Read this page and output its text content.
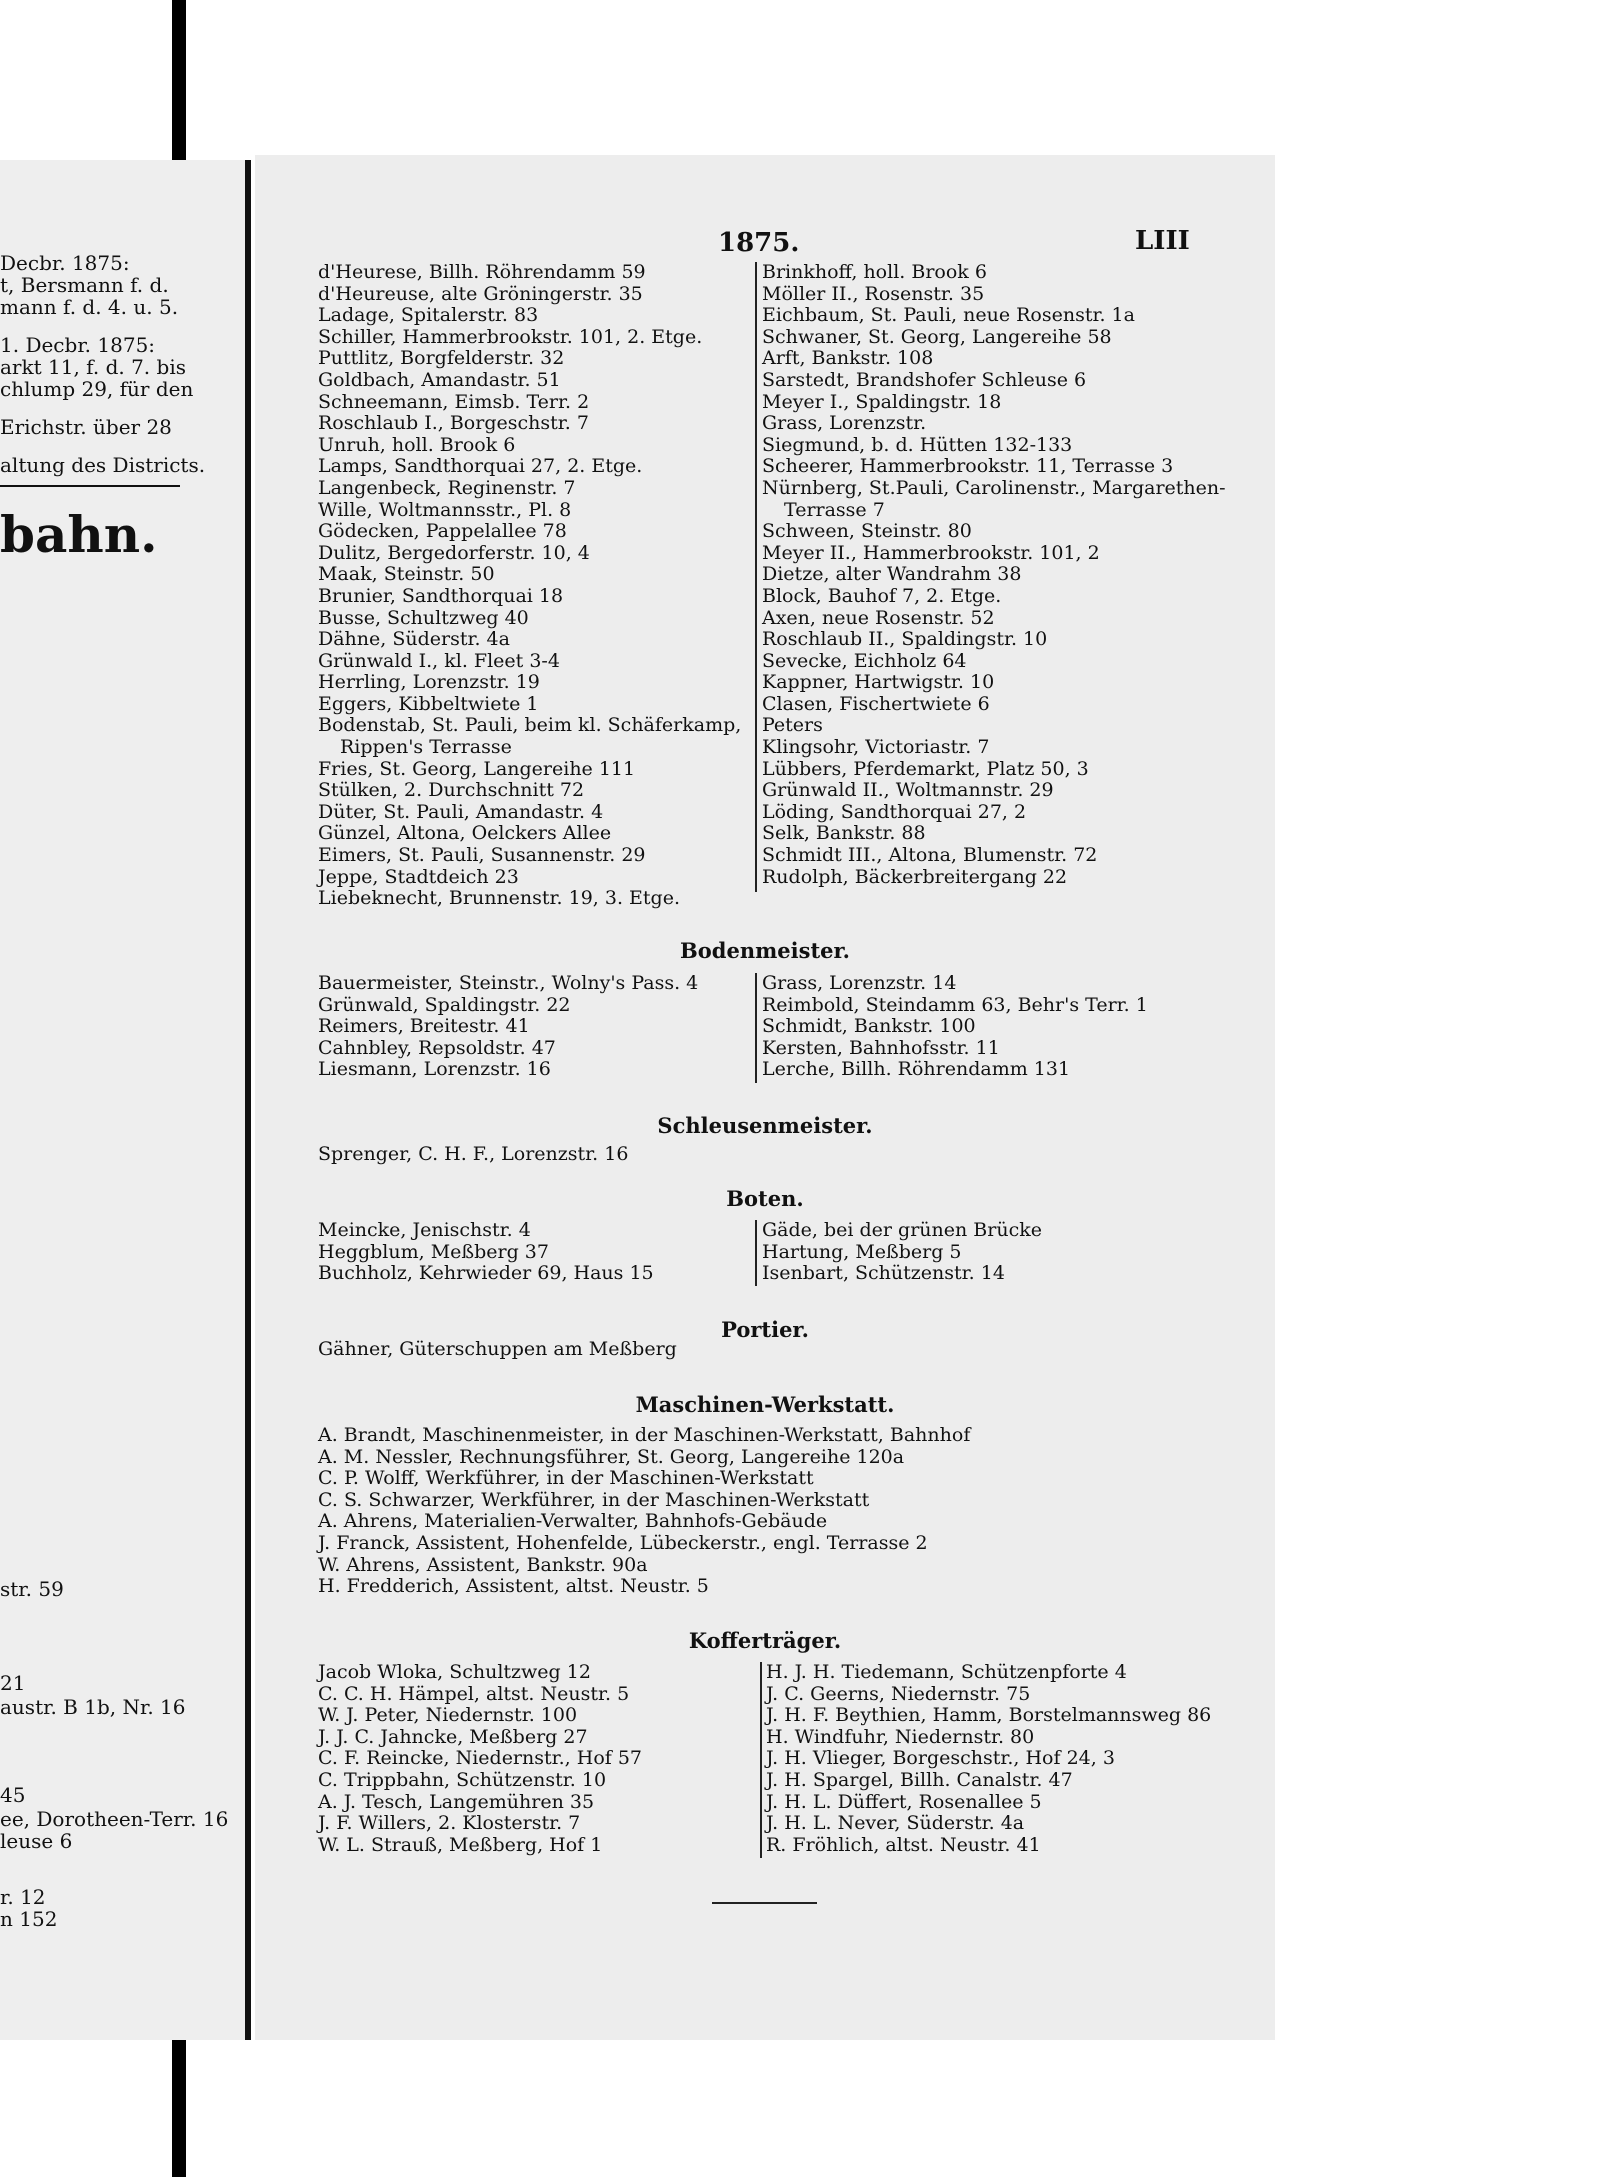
Decbr. 1875:
t, Bersmann f. d.
mann f. d. 4. u. 5.
1. Decbr. 1875:
arkt 11, f. d. 7. bis
chlump 29, für den
Erichstr. über 28
altung des Districts.
bahn.
str. 59
21
austr. B 1b, Nr. 16
45
ee, Dorotheen-Terr. 16
leuse 6
r. 12
n 152
1875.	LIII
d'Heurese, Billh. Röhrendamm 59
d'Heureuse, alte Gröningerstr. 35
Ladage, Spitalerstr. 83
Schiller, Hammerbrookstr. 101, 2. Etge.
Puttlitz, Borgfelderstr. 32
Goldbach, Amandastr. 51
Schneemann, Eimsb. Terr. 2
Roschlaub I., Borgeschstr. 7
Unruh, holl. Brook 6
Lamps, Sandthorquai 27, 2. Etge.
Langenbeck, Reginenstr. 7
Wille, Woltmannsstr., Pl. 8
Gödecken, Pappelallee 78
Dulitz, Bergedorferstr. 10, 4
Maak, Steinstr. 50
Brunier, Sandthorquai 18
Busse, Schultzweg 40
Dähne, Süderstr. 4a
Grünwald I., kl. Fleet 3-4
Herrling, Lorenzstr. 19
Eggers, Kibbeltwiete 1
Bodenstab, St. Pauli, beim kl. Schäferkamp,
Rippen's Terrasse
Fries, St. Georg, Langereihe 111
Stülken, 2. Durchschnitt 72
Düter, St. Pauli, Amandastr. 4
Günzel, Altona, Oelckers Allee
Eimers, St. Pauli, Susannenstr. 29
Jeppe, Stadtdeich 23
Liebeknecht, Brunnenstr. 19, 3. Etge.
Brinkhoff, holl. Brook 6
Möller II., Rosenstr. 35
Eichbaum, St. Pauli, neue Rosenstr. 1a
Schwaner, St. Georg, Langereihe 58
Arft, Bankstr. 108
Sarstedt, Brandshofer Schleuse 6
Meyer I., Spaldingstr. 18
Grass, Lorenzstr.
Siegmund, b. d. Hütten 132-133
Scheerer, Hammerbrookstr. 11, Terrasse 3
Nürnberg, St.Pauli, Carolinenstr., Margarethen-
Terrasse 7
Schween, Steinstr. 80
Meyer II., Hammerbrookstr. 101, 2
Dietze, alter Wandrahm 38
Block, Bauhof 7, 2. Etge.
Axen, neue Rosenstr. 52
Roschlaub II., Spaldingstr. 10
Sevecke, Eichholz 64
Kappner, Hartwigstr. 10
Clasen, Fischertwiete 6
Peters
Klingsohr, Victoriastr. 7
Lübbers, Pferdemarkt, Platz 50, 3
Grünwald II., Woltmannstr. 29
Löding, Sandthorquai 27, 2
Selk, Bankstr. 88
Schmidt III., Altona, Blumenstr. 72
Rudolph, Bäckerbreitergang 22
Bodenmeister.
Bauermeister, Steinstr., Wolny's Pass. 4
Grünwald, Spaldingstr. 22
Reimers, Breitestr. 41
Cahnbley, Repsoldstr. 47
Liesmann, Lorenzstr. 16
Grass, Lorenzstr. 14
Reimbold, Steindamm 63, Behr's Terr. 1
Schmidt, Bankstr. 100
Kersten, Bahnhofsstr. 11
Lerche, Billh. Röhrendamm 131
Schleusenmeister.
Sprenger, C. H. F., Lorenzstr. 16
Boten.
Meincke, Jenischstr. 4
Heggblum, Meßberg 37
Buchholz, Kehrwieder 69, Haus 15
Gäde, bei der grünen Brücke
Hartung, Meßberg 5
Isenbart, Schützenstr. 14
Portier.
Gähner, Güterschuppen am Meßberg
Maschinen-Werkstatt.
A. Brandt, Maschinenmeister, in der Maschinen-Werkstatt, Bahnhof
A. M. Nessler, Rechnungsführer, St. Georg, Langereihe 120a
C. P. Wolff, Werkführer, in der Maschinen-Werkstatt
C. S. Schwarzer, Werkführer, in der Maschinen-Werkstatt
A. Ahrens, Materialien-Verwalter, Bahnhofs-Gebäude
J. Franck, Assistent, Hohenfelde, Lübeckerstr., engl. Terrasse 2
W. Ahrens, Assistent, Bankstr. 90a
H. Fredderich, Assistent, altst. Neustr. 5
Kofferträger.
Jacob Wloka, Schultzweg 12
C. C. H. Hämpel, altst. Neustr. 5
W. J. Peter, Niedernstr. 100
J. J. C. Jahncke, Meßberg 27
C. F. Reincke, Niedernstr., Hof 57
C. Trippbahn, Schützenstr. 10
A. J. Tesch, Langemühren 35
J. F. Willers, 2. Klosterstr. 7
W. L. Strauß, Meßberg, Hof 1
H. J. H. Tiedemann, Schützenpforte 4
J. C. Geerns, Niedernstr. 75
J. H. F. Beythien, Hamm, Borstelmannsweg 86
H. Windfuhr, Niedernstr. 80
J. H. Vlieger, Borgeschstr., Hof 24, 3
J. H. Spargel, Billh. Canalstr. 47
J. H. L. Düffert, Rosenallee 5
J. H. L. Never, Süderstr. 4a
R. Fröhlich, altst. Neustr. 41
